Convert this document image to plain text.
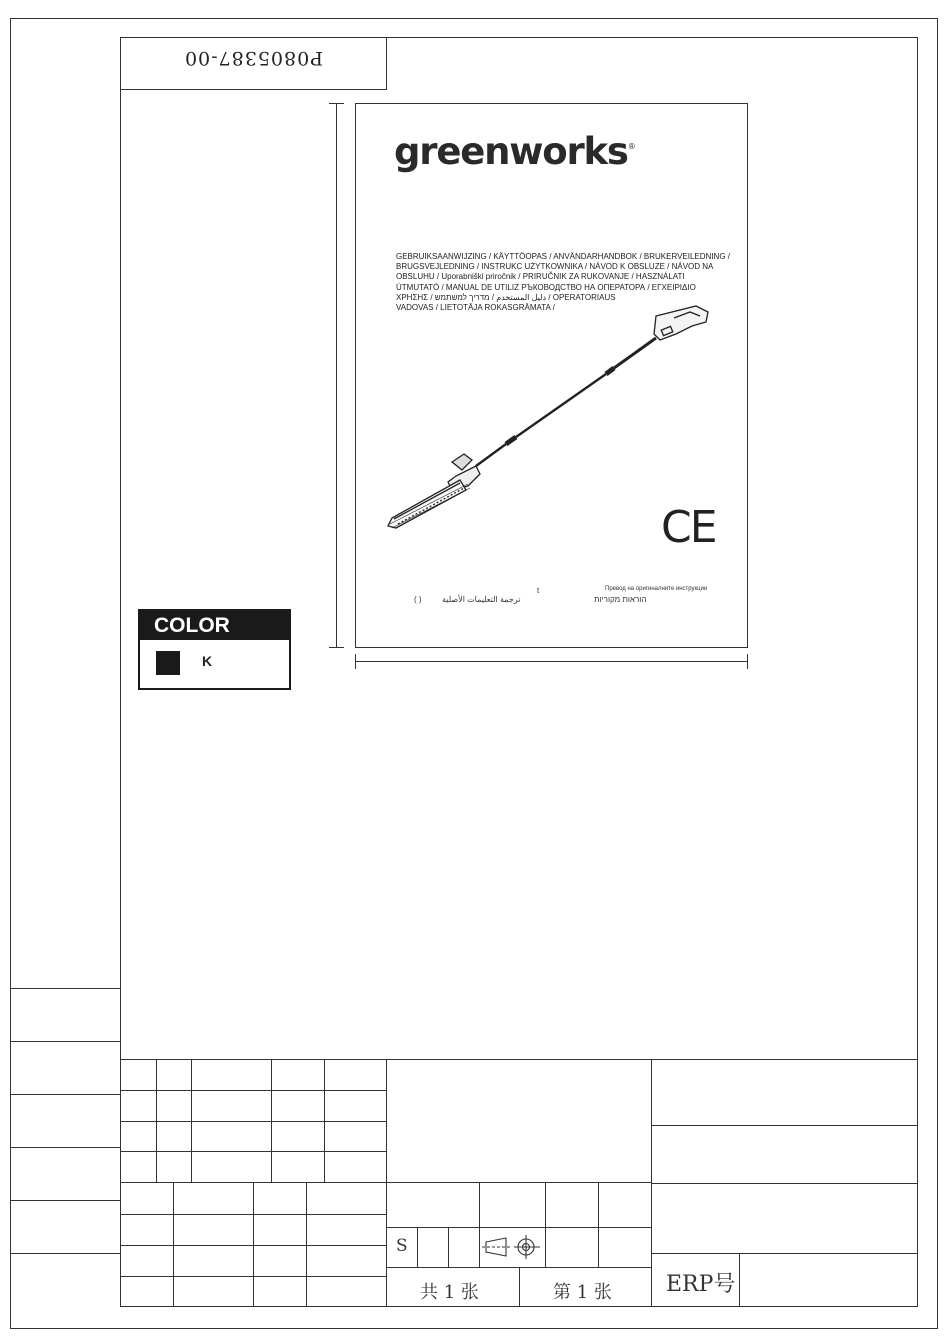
P0805387-00
greenworks®
GEBRUIKSAANWIJZING / KÄYTTÖOPAS / ANVÄNDARHANDBOK / BRUKERVEILEDNING /
BRUGSVEJLEDNING / INSTRUKC UŻYTKOWNIKA / NÁVOD K OBSLUZE / NÁVOD NA
OBSLUHU / Uporabniški priročnik / PRIRUČNIK ZA RUKOVANJE / HASZNÁLATI
ÚTMUTATÓ / MANUAL DE UTILIZ РЪКОВОДСТВО НА ОПЕРАТОРА / ΕΓΧΕΙΡΙΔΙΟ
ΧΡΗΣΗΣ / دليل المستخدم / מדריך למשתמש / OPERATORIAUS
VADOVAS / LIETOTĀJA ROKASGRĀMATA /
CE
t	Превод на оригиналните инструкции
( )	ترجمة التعليمات الأصلية	הוראות מקוריות
COLOR
K
S
共 1 张	第 1 张 ERP号
